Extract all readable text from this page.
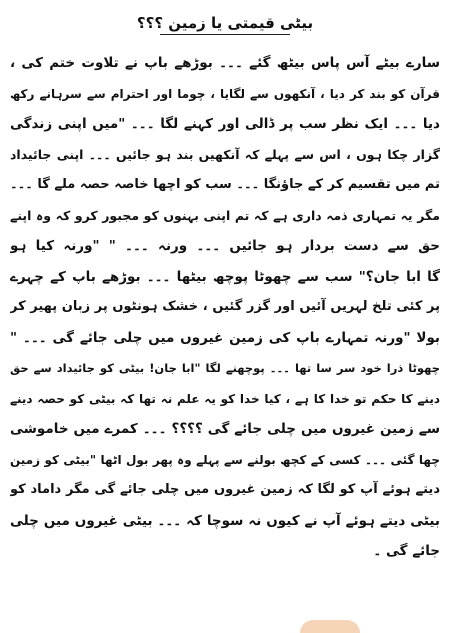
بیٹی قیمتی یا زمین ؟؟؟
سارے بیٹے آس پاس بیٹھ گئے ۔۔۔ بوڑھے باپ نے تلاوت ختم کی ،
قرآن کو بند کر دیا ، آنکھوں سے لگایا ، چوما اور احترام سے سرہانے رکھ
دیا ۔۔۔ ایک نظر سب پر ڈالی اور کہنے لگا ۔۔۔ "میں اپنی زندگی
گزار چکا ہوں ، اس سے پہلے کہ آنکھیں بند ہو جائیں ۔۔۔ اپنی جائیداد
تم میں تقسیم کر کے جاؤنگا ۔۔۔ سب کو اچھا خاصہ حصہ ملے گا ۔۔۔
مگر یہ تمہاری ذمہ داری ہے کہ تم اپنی بہنوں کو مجبور کرو کہ وہ اپنے
حق سے دست بردار ہو جائیں ۔۔۔ ورنہ ۔۔۔ " "ورنہ کیا ہو
گا ابا جان؟" سب سے چھوٹا پوچھ بیٹھا ۔۔۔ بوڑھے باپ کے چہرے
پر کئی تلخ لہریں آئیں اور گزر گئیں ، خشک ہونٹوں پر زبان پھیر کر
بولا "ورنہ تمہارے باپ کی زمین غیروں میں چلی جائے گی ۔۔۔ "
چھوٹا ذرا خود سر سا تھا ۔۔۔ پوچھنے لگا "ابا جان! بیٹی کو جائیداد سے حق
دینے کا حکم تو خدا کا ہے ، کیا خدا کو یہ علم نہ تھا کہ بیٹی کو حصہ دینے
سے زمین غیروں میں چلی جائے گی ؟؟؟؟ ۔۔۔ کمرے میں خاموشی
چھا گئی ۔۔۔ کسی کے کچھ بولنے سے پہلے وہ پھر بول اٹھا "بیٹی کو زمین
دیتے ہوئے آپ کو لگا کہ زمین غیروں میں چلی جائے گی مگر داماد کو
بیٹی دیتے ہوئے آپ نے کیوں نہ سوچا کہ ۔۔۔ بیٹی غیروں میں چلی
جائے گی ۔
